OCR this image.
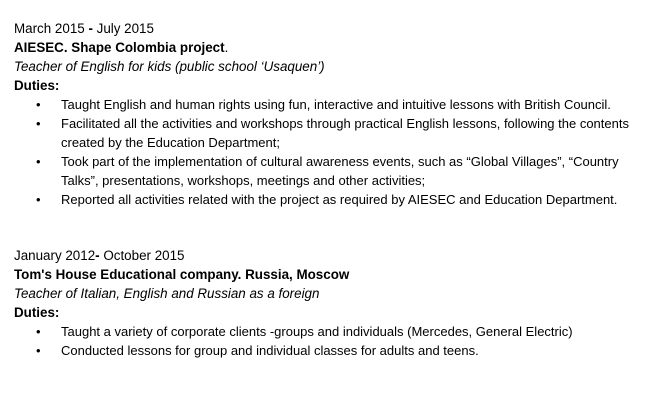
March 2015 - July 2015
AIESEC. Shape Colombia project.
Teacher of English for kids (public school ‘Usaquen’)
Duties:
• Taught English and human rights using fun, interactive and intuitive lessons with British Council.
• Facilitated all the activities and workshops through practical English lessons, following the contents created by the Education Department;
• Took part of the implementation of cultural awareness events, such as “Global Villages”, “Country Talks”, presentations, workshops, meetings and other activities;
• Reported all activities related with the project as required by AIESEC and Education Department.
January 2012- October 2015
Tom's House Educational company. Russia, Moscow
Teacher of Italian, English and Russian as a foreign
Duties:
• Taught a variety of corporate clients -groups and individuals (Mercedes, General Electric)
• Conducted lessons for group and individual classes for adults and teens.
